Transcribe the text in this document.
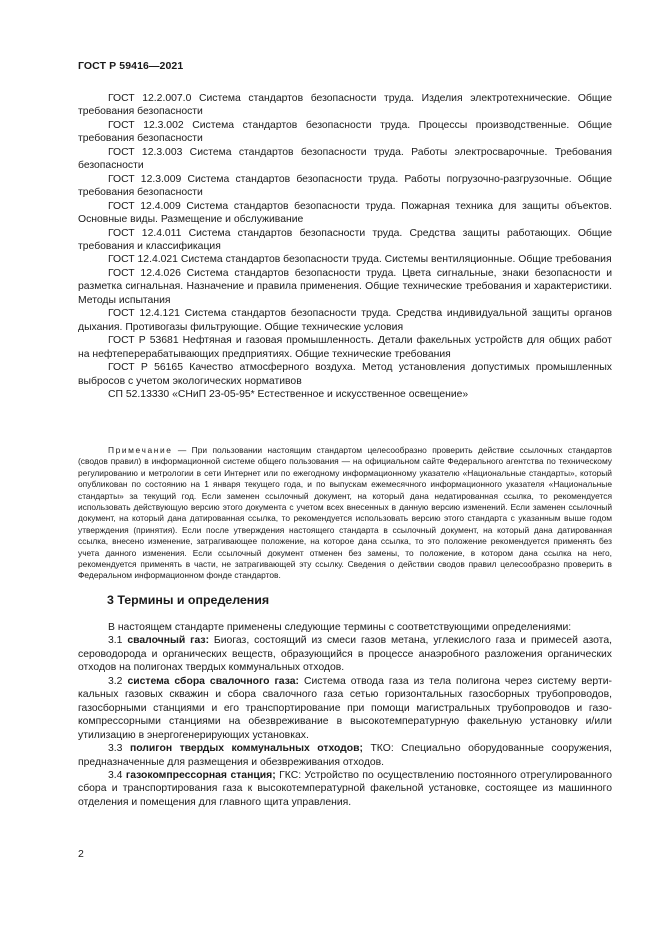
ГОСТ Р 59416—2021

ГОСТ 12.2.007.0 Система стандартов безопасности труда. Изделия электротехнические. Общие требования безопасности

ГОСТ 12.3.002 Система стандартов безопасности труда. Процессы производственные. Общие требования безопасности

ГОСТ 12.3.003 Система стандартов безопасности труда. Работы электросварочные. Требования безопасности

ГОСТ 12.3.009 Система стандартов безопасности труда. Работы погрузочно-разгрузочные. Общие требования безопасности

ГОСТ 12.4.009 Система стандартов безопасности труда. Пожарная техника для защиты объектов. Основные виды. Размещение и обслуживание

ГОСТ 12.4.011 Система стандартов безопасности труда. Средства защиты работающих. Общие требования и классификация

ГОСТ 12.4.021 Система стандартов безопасности труда. Системы вентиляционные. Общие требования

ГОСТ 12.4.026 Система стандартов безопасности труда. Цвета сигнальные, знаки безопасности и разметка сигнальная. Назначение и правила применения. Общие технические требования и характеристики. Методы испытания

ГОСТ 12.4.121 Система стандартов безопасности труда. Средства индивидуальной защиты органов дыхания. Противогазы фильтрующие. Общие технические условия

ГОСТ Р 53681 Нефтяная и газовая промышленность. Детали факельных устройств для общих работ на нефтеперерабатывающих предприятиях. Общие технические требования

ГОСТ Р 56165 Качество атмосферного воздуха. Метод установления допустимых промышленных выбросов с учетом экологических нормативов

СП 52.13330 «СНиП 23-05-95* Естественное и искусственное освещение»

Примечание — При пользовании настоящим стандартом целесообразно проверить действие ссылочных стандартов (сводов правил) в информационной системе общего пользования — на официальном сайте Федерального агентства по техническому регулированию и метрологии в сети Интернет или по ежегодному информационному указателю «Национальные стандарты», который опубликован по состоянию на 1 января текущего года, и по выпускам ежемесячного информационного указателя «Национальные стандарты» за текущий год. Если заменен ссылочный документ, на который дана недатированная ссылка, то рекомендуется использовать действующую версию этого документа с учетом всех внесенных в данную версию изменений. Если заменен ссылочный документ, на который дана датированная ссылка, то рекомендуется использовать версию этого стандарта с указанным выше годом утверждения (принятия). Если после утверждения настоящего стандарта в ссылочный документ, на который дана датированная ссылка, внесено изменение, затрагивающее положение, на которое дана ссылка, то это положение рекомендуется применять без учета данного изменения. Если ссылочный документ отменен без замены, то положение, в котором дана ссылка на него, рекомендуется применять в части, не затрагивающей эту ссылку. Сведения о действии сводов правил целесообразно проверить в Федеральном информационном фонде стандартов.
3 Термины и определения

В настоящем стандарте применены следующие термины с соответствующими определениями:

3.1 свалочный газ: Биогаз, состоящий из смеси газов метана, углекислого газа и примесей азота, сероводорода и органических веществ, образующийся в процессе анаэробного разложения органических отходов на полигонах твердых коммунальных отходов.

3.2 система сбора свалочного газа: Система отвода газа из тела полигона через систему вертикальных газовых скважин и сбора свалочного газа сетью горизонтальных газосборных трубопроводов, газосборными станциями и его транспортирование при помощи магистральных трубопроводов и газокомпрессорными станциями на обезвреживание в высокотемпературную факельную установку и/или утилизацию в энергогенерирующих установках.

3.3 полигон твердых коммунальных отходов; ТКО: Специально оборудованные сооружения, предназначенные для размещения и обезвреживания отходов.

3.4 газокомпрессорная станция; ГКС: Устройство по осуществлению постоянного отрегулированного сбора и транспортирования газа к высокотемпературной факельной установке, состоящее из машинного отделения и помещения для главного щита управления.

2
